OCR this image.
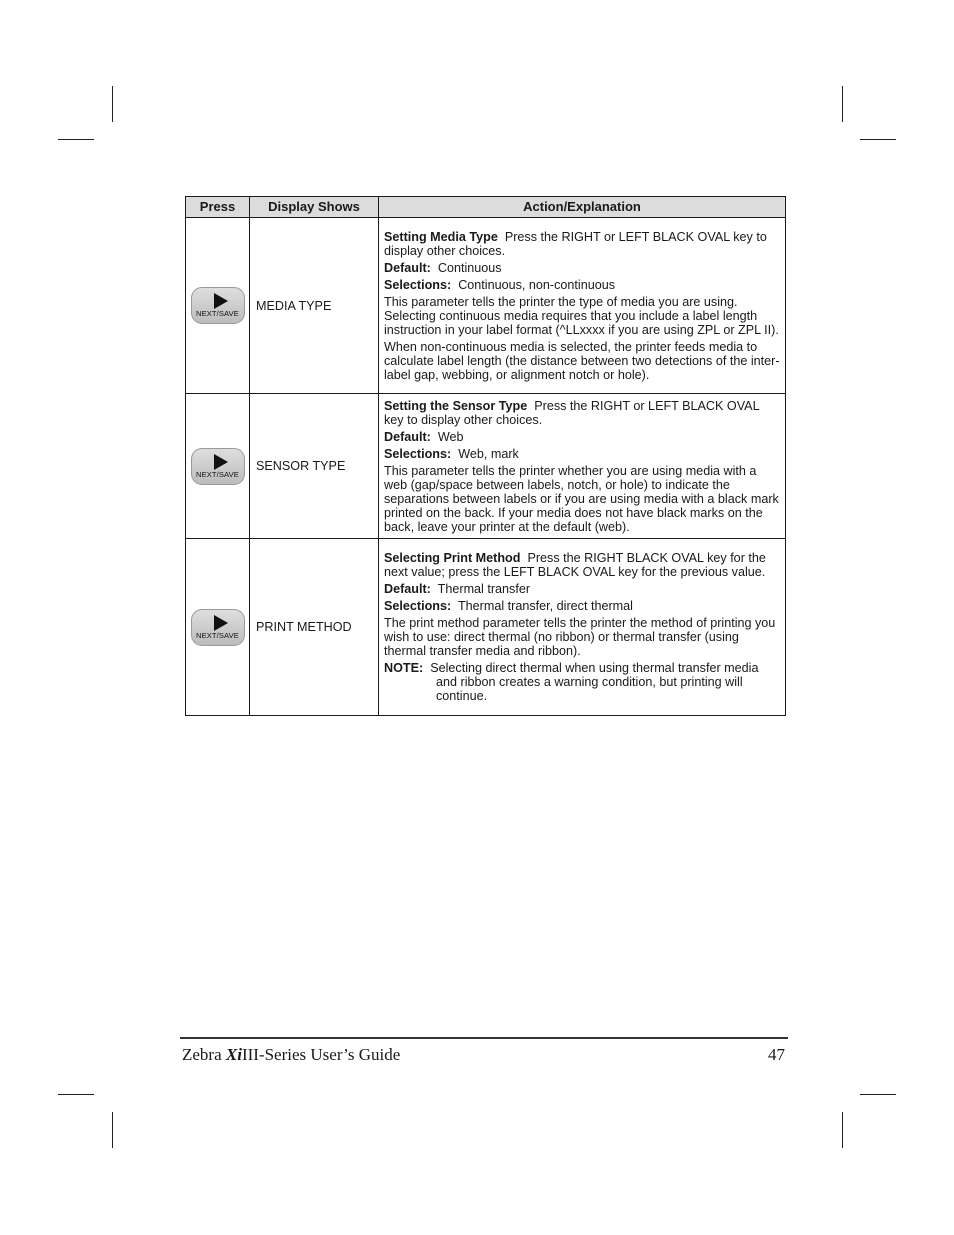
Press	Display Shows	Action/Explanation

NEXT/SAVE	MEDIA TYPE	Setting Media Type Press the RIGHT or LEFT BLACK OVAL key to display other choices.

Default: Continuous

Selections: Continuous, non-continuous

This parameter tells the printer the type of media you are using. Selecting continuous media requires that you include a label length instruction in your label format (^LLxxxx if you are using ZPL or ZPL II).

When non-continuous media is selected, the printer feeds media to calculate label length (the distance between two detections of the inter-label gap, webbing, or alignment notch or hole).

NEXT/SAVE	SENSOR TYPE	Setting the Sensor Type Press the RIGHT or LEFT BLACK OVAL key to display other choices.

Default: Web

Selections: Web, mark

This parameter tells the printer whether you are using media with a web (gap/space between labels, notch, or hole) to indicate the separations between labels or if you are using media with a black mark printed on the back. If your media does not have black marks on the back, leave your printer at the default (web).

NEXT/SAVE	PRINT METHOD	Selecting Print Method Press the RIGHT BLACK OVAL key for the next value; press the LEFT BLACK OVAL key for the previous value.

Default: Thermal transfer

Selections: Thermal transfer, direct thermal

The print method parameter tells the printer the method of printing you wish to use: direct thermal (no ribbon) or thermal transfer (using thermal transfer media and ribbon).

NOTE: Selecting direct thermal when using thermal transfer media and ribbon creates a warning condition, but printing will continue.

Zebra XiIII-Series User’s Guide	47
